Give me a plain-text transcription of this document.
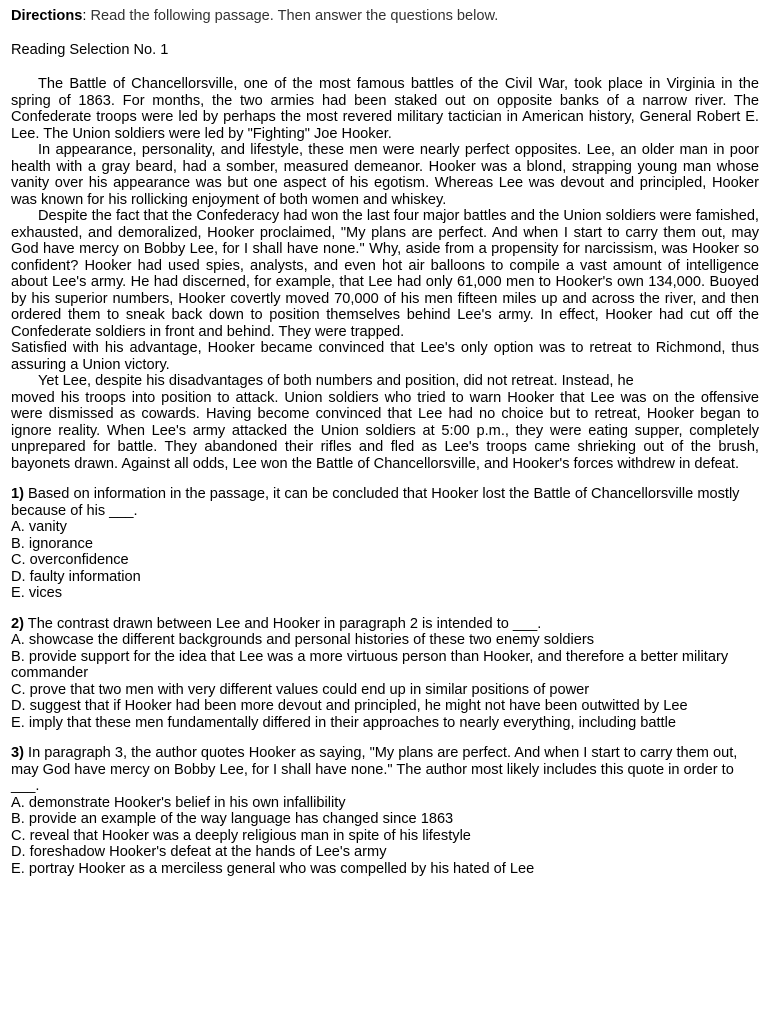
Directions: Read the following passage. Then answer the questions below.

Reading Selection No. 1

The Battle of Chancellorsville, one of the most famous battles of the Civil War, took place in Virginia in the spring of 1863. For months, the two armies had been staked out on opposite banks of a narrow river. The Confederate troops were led by perhaps the most revered military tactician in American history, General Robert E. Lee. The Union soldiers were led by "Fighting" Joe Hooker.

In appearance, personality, and lifestyle, these men were nearly perfect opposites. Lee, an older man in poor health with a gray beard, had a somber, measured demeanor. Hooker was a blond, strapping young man whose vanity over his appearance was but one aspect of his egotism. Whereas Lee was devout and principled, Hooker was known for his rollicking enjoyment of both women and whiskey.

Despite the fact that the Confederacy had won the last four major battles and the Union soldiers were famished, exhausted, and demoralized, Hooker proclaimed, "My plans are perfect. And when I start to carry them out, may God have mercy on Bobby Lee, for I shall have none." Why, aside from a propensity for narcissism, was Hooker so confident? Hooker had used spies, analysts, and even hot air balloons to compile a vast amount of intelligence about Lee's army. He had discerned, for example, that Lee had only 61,000 men to Hooker's own 134,000. Buoyed by his superior numbers, Hooker covertly moved 70,000 of his men fifteen miles up and across the river, and then ordered them to sneak back down to position themselves behind Lee's army. In effect, Hooker had cut off the Confederate soldiers in front and behind. They were trapped.

Satisfied with his advantage, Hooker became convinced that Lee's only option was to retreat to Richmond, thus assuring a Union victory.

Yet Lee, despite his disadvantages of both numbers and position, did not retreat. Instead, he

moved his troops into position to attack. Union soldiers who tried to warn Hooker that Lee was on the offensive were dismissed as cowards. Having become convinced that Lee had no choice but to retreat, Hooker began to ignore reality. When Lee's army attacked the Union soldiers at 5:00 p.m., they were eating supper, completely unprepared for battle. They abandoned their rifles and fled as Lee's troops came shrieking out of the brush, bayonets drawn. Against all odds, Lee won the Battle of Chancellorsville, and Hooker's forces withdrew in defeat.

1) Based on information in the passage, it can be concluded that Hooker lost the Battle of Chancellorsville mostly because of his ___.

A. vanity

B. ignorance

C. overconfidence

D. faulty information

E. vices

2) The contrast drawn between Lee and Hooker in paragraph 2 is intended to ___.

A. showcase the different backgrounds and personal histories of these two enemy soldiers

B. provide support for the idea that Lee was a more virtuous person than Hooker, and therefore a better military commander

C. prove that two men with very different values could end up in similar positions of power

D. suggest that if Hooker had been more devout and principled, he might not have been outwitted by Lee

E. imply that these men fundamentally differed in their approaches to nearly everything, including battle

3) In paragraph 3, the author quotes Hooker as saying, "My plans are perfect. And when I start to carry them out, may God have mercy on Bobby Lee, for I shall have none." The author most likely includes this quote in order to ___.

A. demonstrate Hooker's belief in his own infallibility

B. provide an example of the way language has changed since 1863

C. reveal that Hooker was a deeply religious man in spite of his lifestyle

D. foreshadow Hooker's defeat at the hands of Lee's army

E. portray Hooker as a merciless general who was compelled by his hated of Lee
